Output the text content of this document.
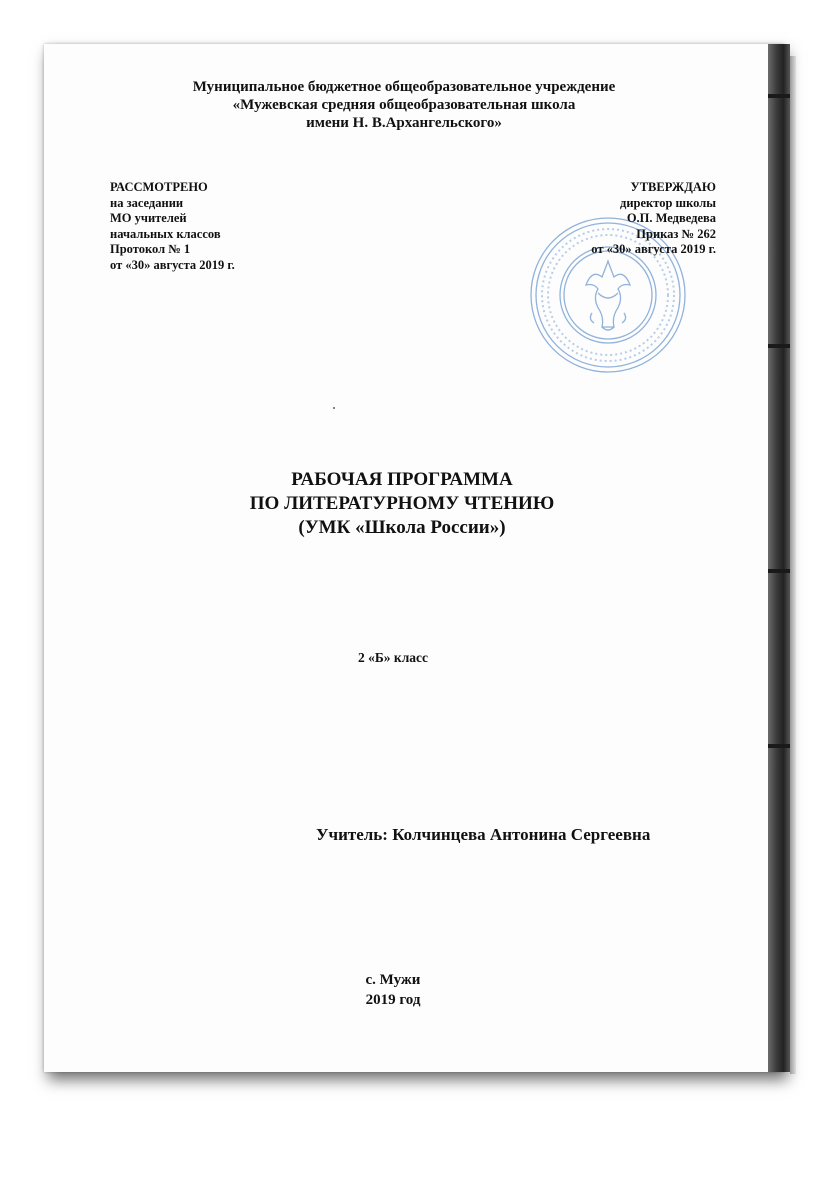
Муниципальное бюджетное общеобразовательное учреждение
«Мужевская средняя общеобразовательная школа
имени Н. В.Архангельского»
РАССМОТРЕНО
на заседании
МО учителей
начальных классов
Протокол № 1
от «30» августа 2019 г.
УТВЕРЖДАЮ
директор школы
О.П. Медведева
Приказ № 262
от «30» августа 2019 г.
РАБОЧАЯ ПРОГРАММА
ПО ЛИТЕРАТУРНОМУ ЧТЕНИЮ
(УМК «Школа России»)
2 «Б» класс
Учитель: Колчинцева Антонина Сергеевна
с. Мужи
2019 год
